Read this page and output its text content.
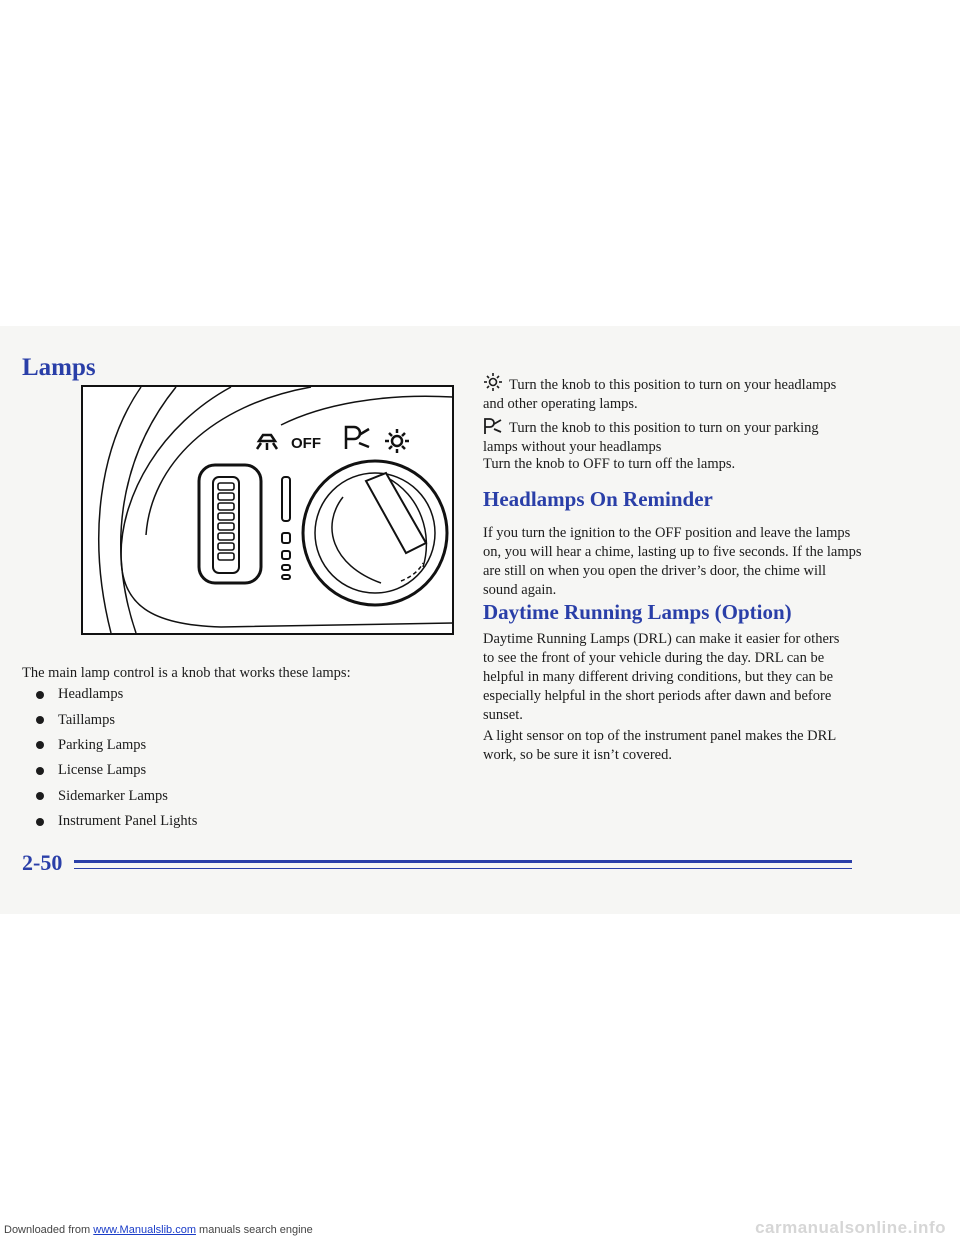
Lamps
OFF
The main lamp control is a knob that works these lamps:
Headlamps
Taillamps
Parking Lamps
License Lamps
Sidemarker Lamps
Instrument Panel Lights
Turn the knob to this position to turn on your headlamps and other operating lamps.
Turn the knob to this position to turn on your parking lamps without your headlamps
Turn the knob to OFF to turn off the lamps.
Headlamps On Reminder
If you turn the ignition to the OFF position and leave the lamps on, you will hear a chime, lasting up to five seconds. If the lamps are still on when you open the driver’s door, the chime will sound again.
Daytime Running Lamps (Option)
Daytime Running Lamps (DRL) can make it easier for others to see the front of your vehicle during the day. DRL can be helpful in many different driving conditions, but they can be especially helpful in the short periods after dawn and before sunset.
A light sensor on top of the instrument panel makes the DRL work, so be sure it isn’t covered.
2-50
Downloaded from www.Manualslib.com manuals search engine	carmanualsonline.info
